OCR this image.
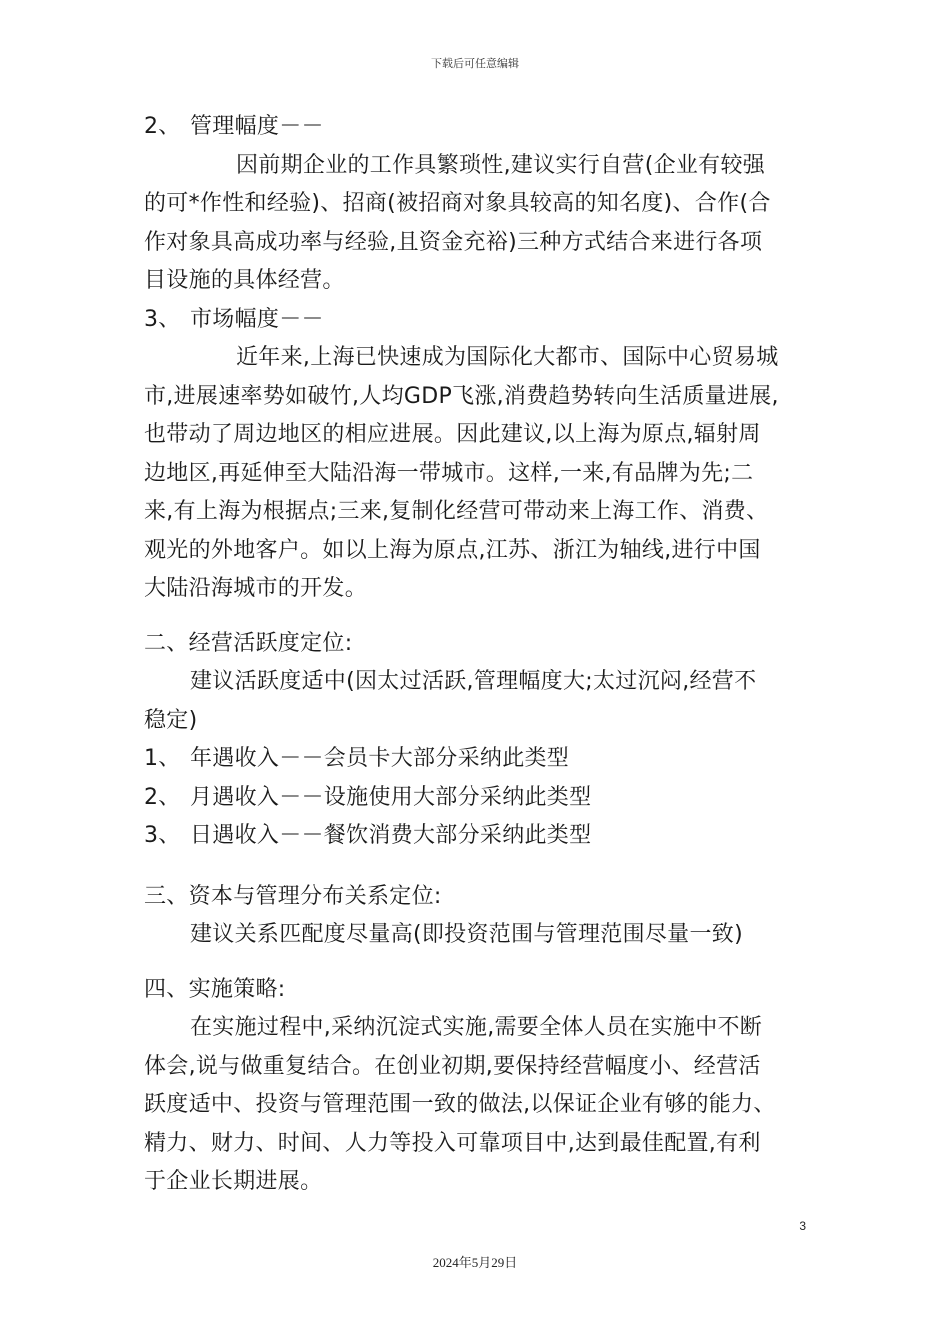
下载后可任意编辑
2、 管理幅度－－
因前期企业的工作具繁琐性,建议实行自营(企业有较强
的可*作性和经验)、招商(被招商对象具较高的知名度)、合作(合
作对象具高成功率与经验,且资金充裕)三种方式结合来进行各项
目设施的具体经营。
3、 市场幅度－－
近年来,上海已快速成为国际化大都市、国际中心贸易城
市,进展速率势如破竹,人均GDP飞涨,消费趋势转向生活质量进展,
也带动了周边地区的相应进展。因此建议,以上海为原点,辐射周
边地区,再延伸至大陆沿海一带城市。这样,一来,有品牌为先;二
来,有上海为根据点;三来,复制化经营可带动来上海工作、消费、
观光的外地客户。如以上海为原点,江苏、浙江为轴线,进行中国
大陆沿海城市的开发。
二、经营活跃度定位:
建议活跃度适中(因太过活跃,管理幅度大;太过沉闷,经营不
稳定)
1、 年遇收入－－会员卡大部分采纳此类型
2、 月遇收入－－设施使用大部分采纳此类型
3、 日遇收入－－餐饮消费大部分采纳此类型
三、资本与管理分布关系定位:
建议关系匹配度尽量高(即投资范围与管理范围尽量一致)
四、实施策略:
在实施过程中,采纳沉淀式实施,需要全体人员在实施中不断
体会,说与做重复结合。在创业初期,要保持经营幅度小、经营活
跃度适中、投资与管理范围一致的做法,以保证企业有够的能力、
精力、财力、时间、人力等投入可靠项目中,达到最佳配置,有利
于企业长期进展。
3
2024年5月29日
